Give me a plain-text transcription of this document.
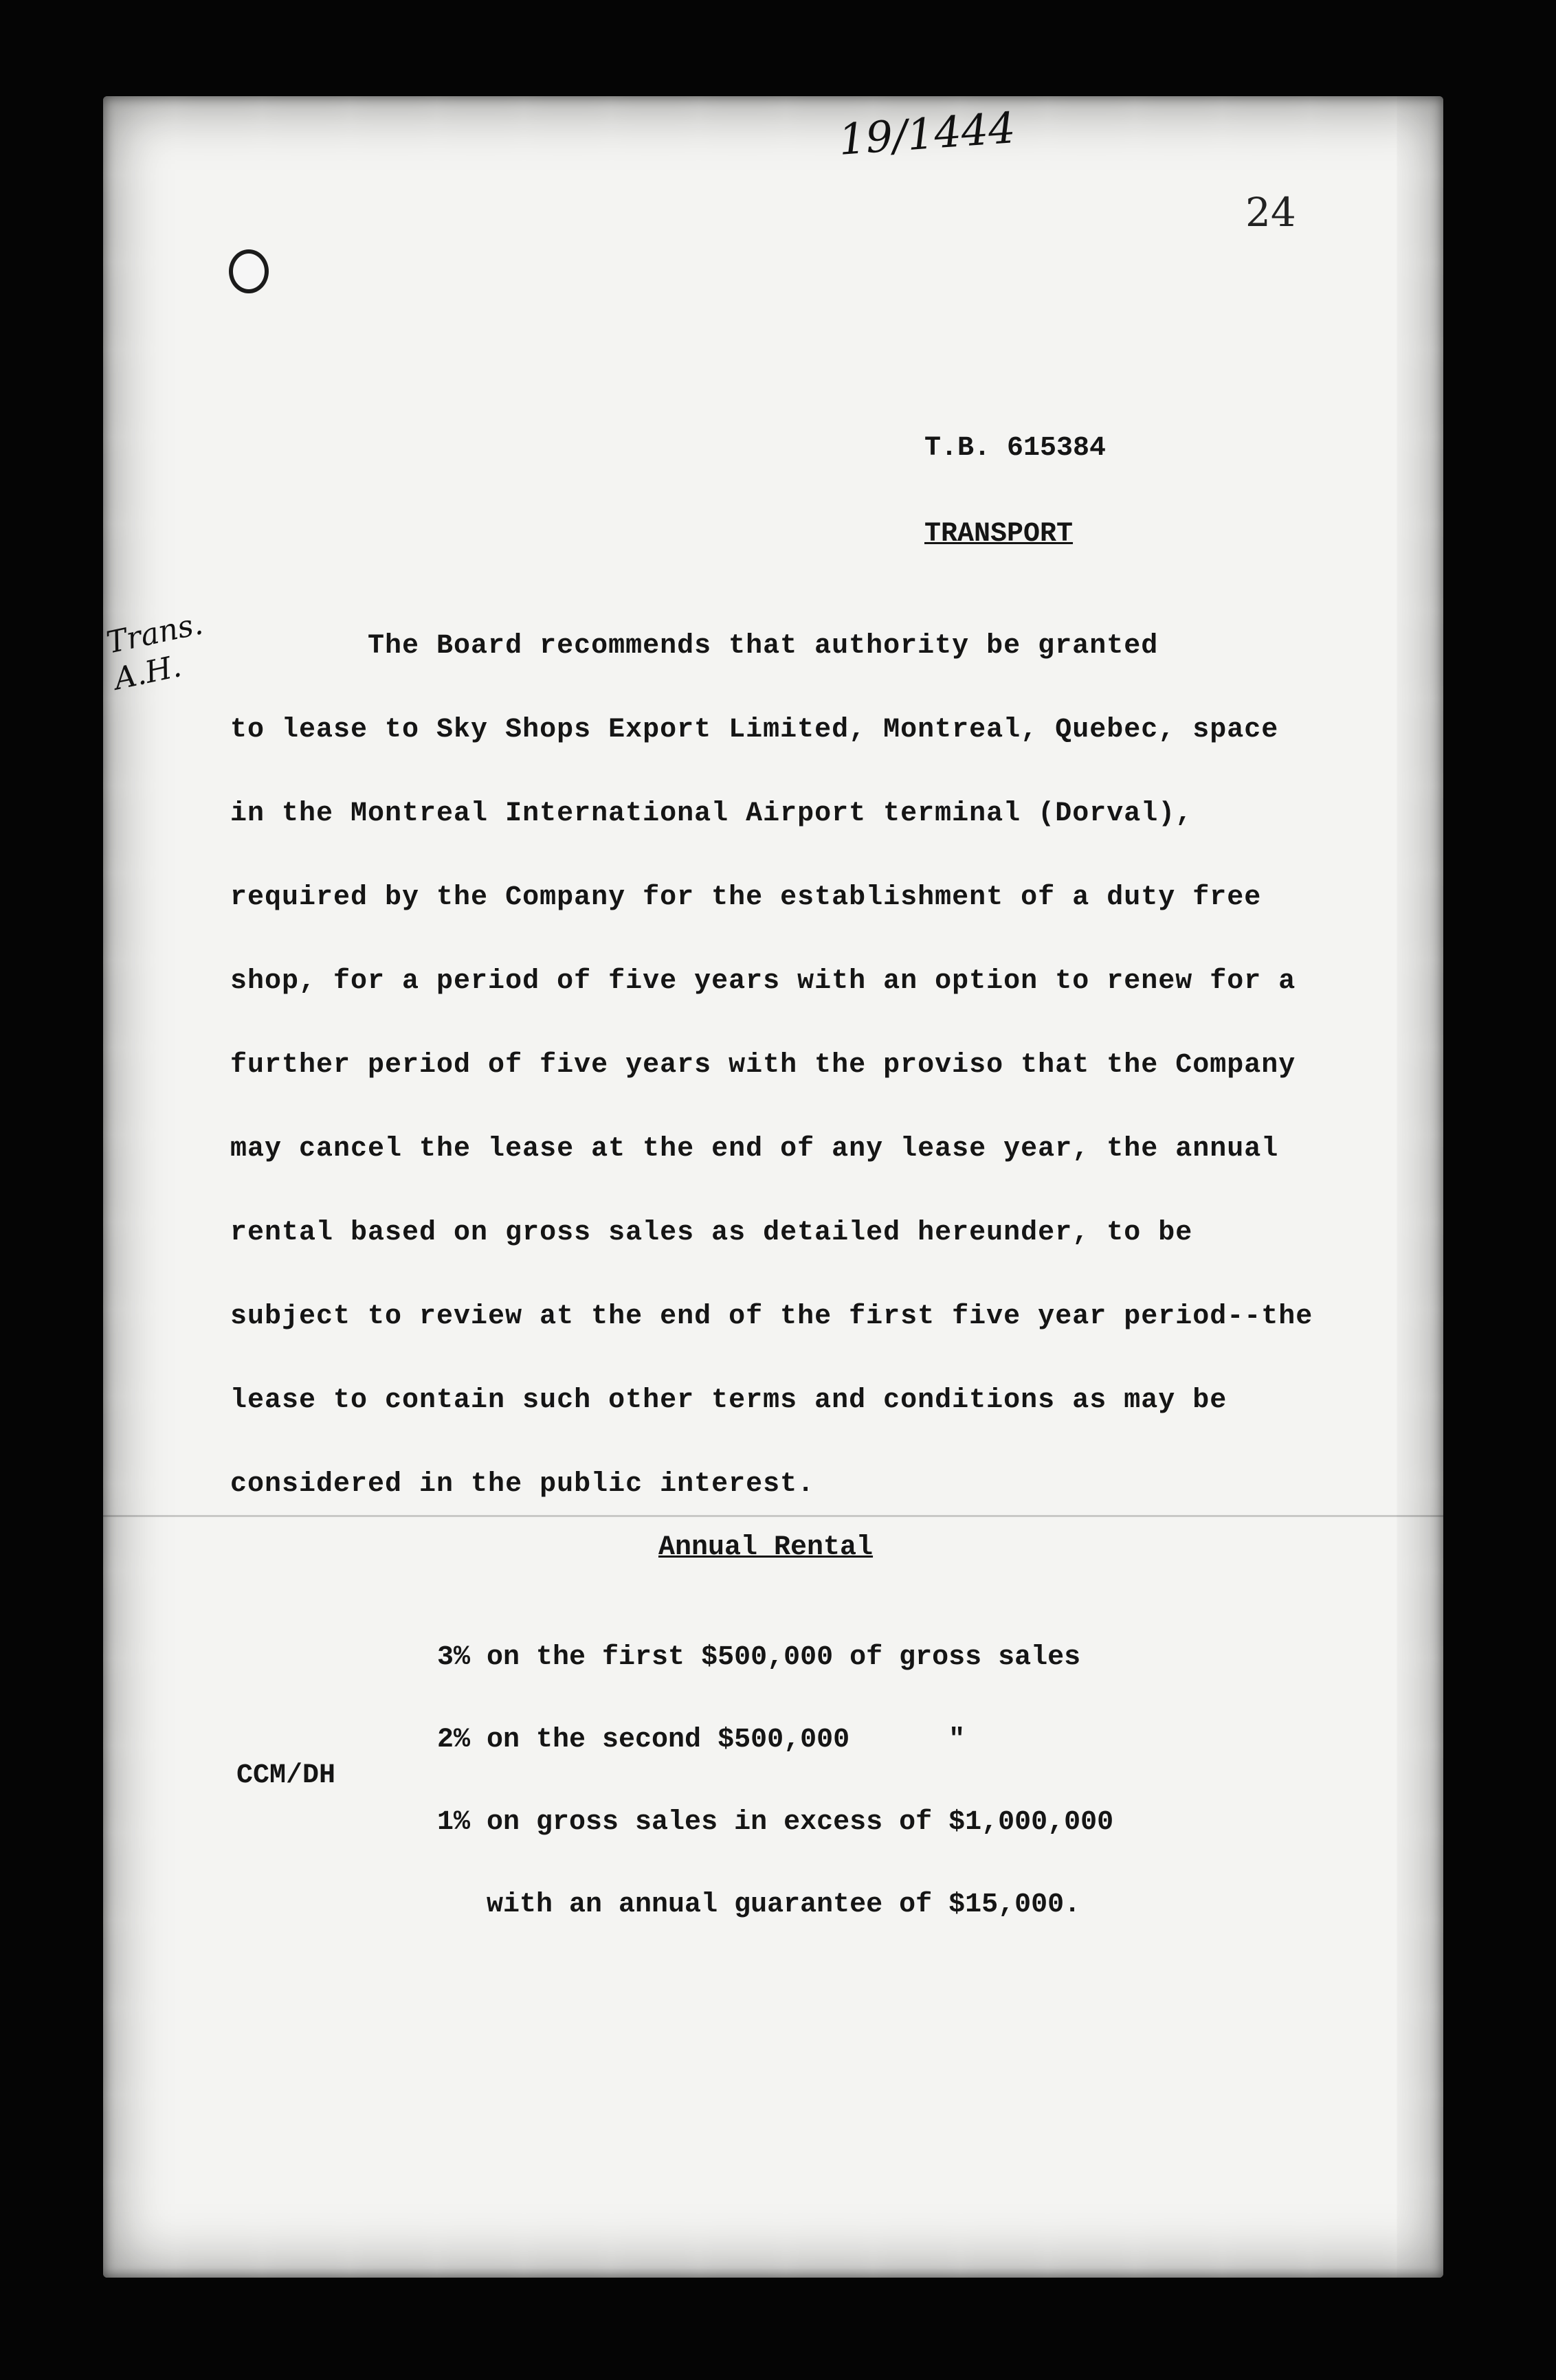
19/1444
24
Trans. A.H.
T.B. 615384
TRANSPORT
The Board recommends that authority be granted
to lease to Sky Shops Export Limited, Montreal, Quebec, space
in the Montreal International Airport terminal (Dorval),
required by the Company for the establishment of a duty free
shop, for a period of five years with an option to renew for a
further period of five years with the proviso that the Company
may cancel the lease at the end of any lease year, the annual
rental based on gross sales as detailed hereunder, to be
subject to review at the end of the first five year period--the
lease to contain such other terms and conditions as may be
considered in the public interest.
Annual Rental

3% on the first $500,000 of gross sales

2% on the second $500,000      "

1% on gross sales in excess of $1,000,000

with an annual guarantee of $15,000.

CCM/DH
